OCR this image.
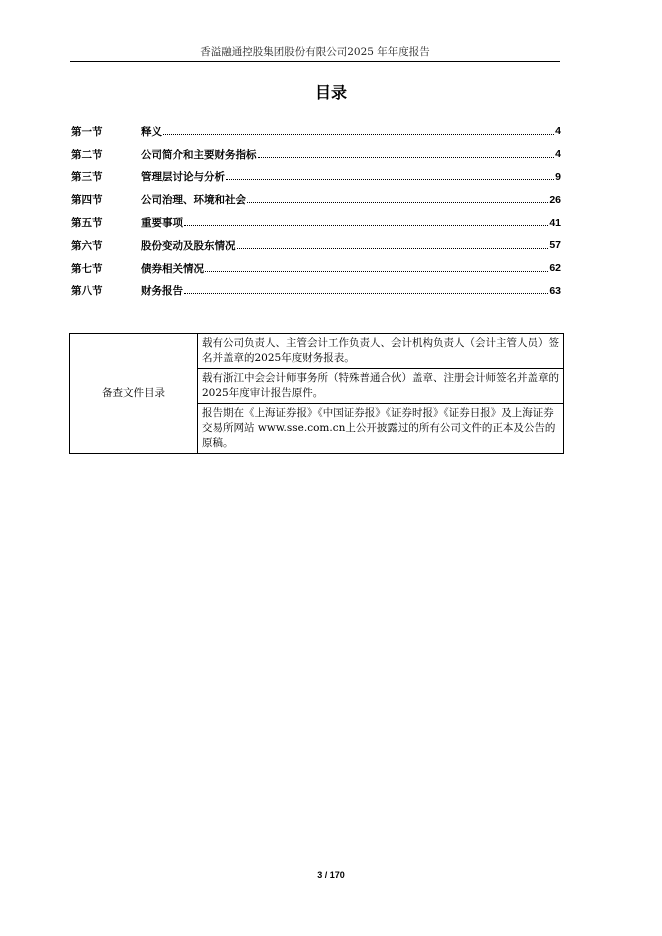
香溢融通控股集团股份有限公司2025 年年度报告
目录
第一节	释义	4
第二节	公司简介和主要财务指标	4
第三节	管理层讨论与分析	9
第四节	公司治理、环境和社会	26
第五节	重要事项	41
第六节	股份变动及股东情况	57
第七节	债券相关情况	62
第八节	财务报告	63
备查文件目录	载有公司负责人、主管会计工作负责人、会计机构负责人（会计主管人员）签名并盖章的2025年度财务报表。
载有浙江中会会计师事务所（特殊普通合伙）盖章、注册会计师签名并盖章的2025年度审计报告原件。
报告期在《上海证券报》《中国证券报》《证券时报》《证券日报》及上海证券交易所网站 www.sse.com.cn上公开披露过的所有公司文件的正本及公告的原稿。
3 / 170
